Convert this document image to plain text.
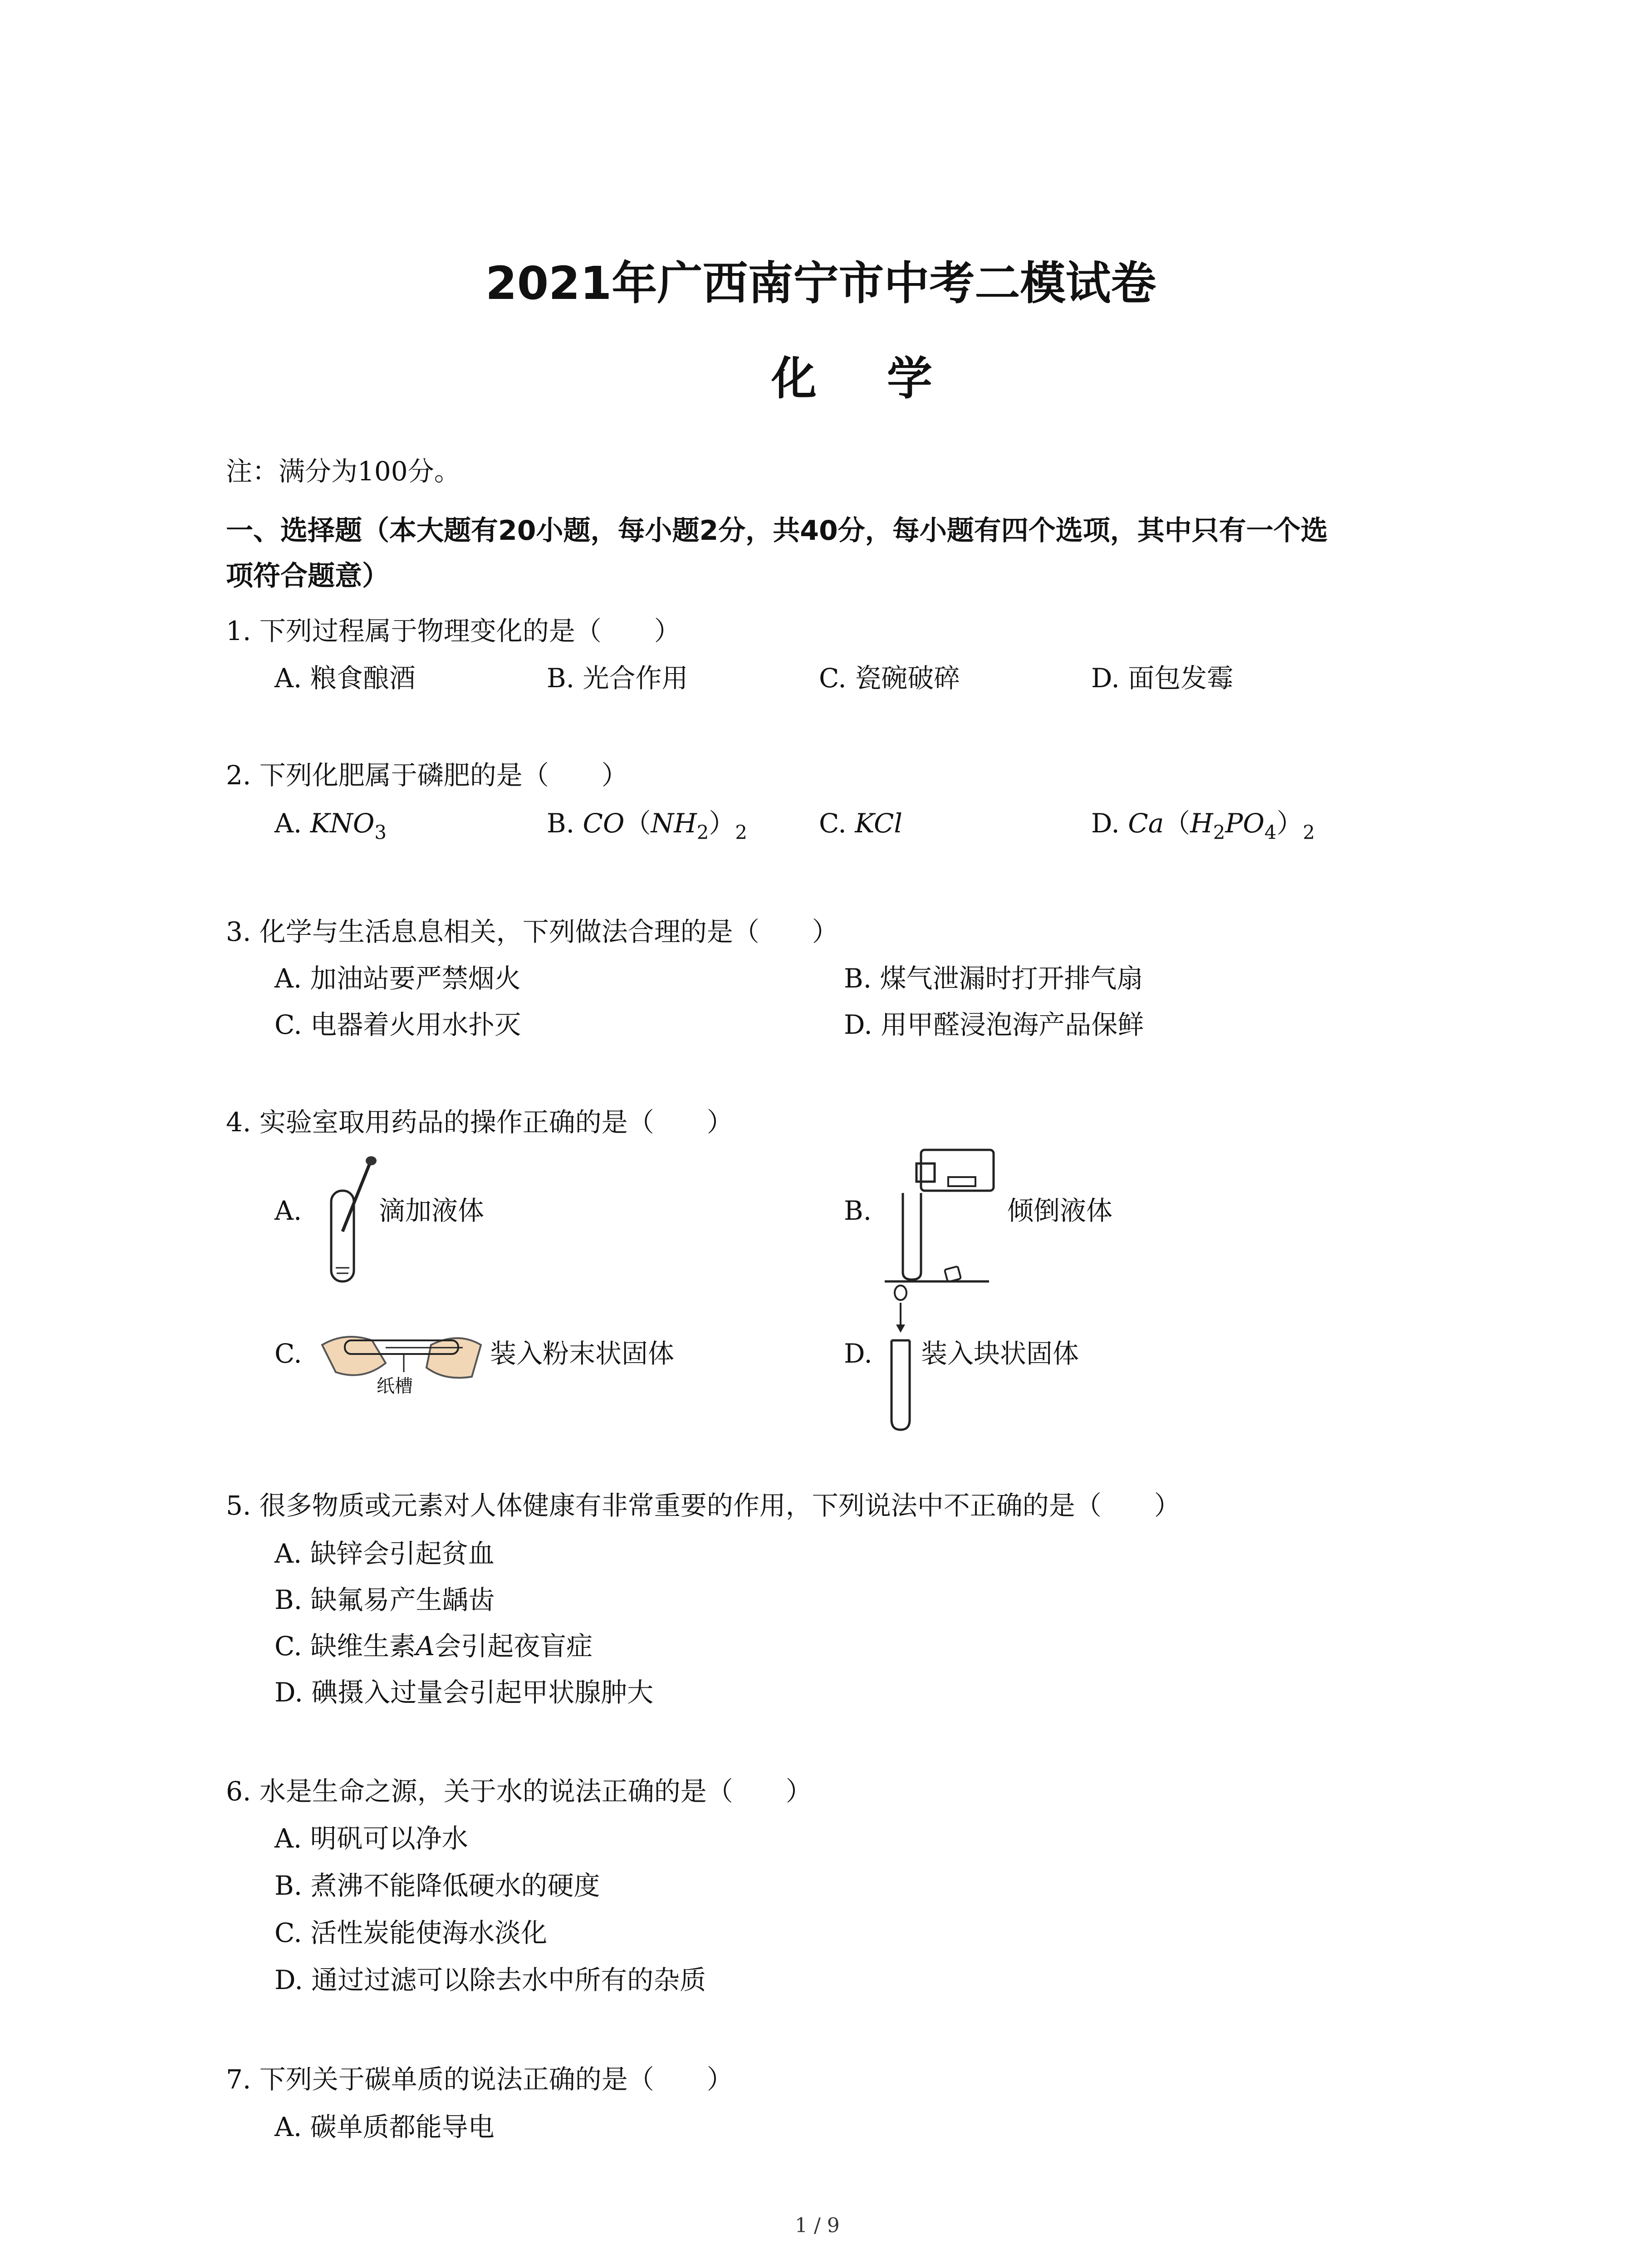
2021年广西南宁市中考二模试卷
化 学
注：满分为100分。
一、选择题（本大题有20小题，每小题2分，共40分，每小题有四个选项，其中只有一个选
项符合题意）
1. 下列过程属于物理变化的是（　　）
A. 粮食酿酒	B. 光合作用	C. 瓷碗破碎	D. 面包发霉
2. 下列化肥属于磷肥的是（　　）
A. $KNO_3$	B. $CO(NH_2)_2$	C. KCl	D. $Ca(H_2PO_4)_2$
3. 化学与生活息息相关，下列做法合理的是（　　）
A. 加油站要严禁烟火	B. 煤气泄漏时打开排气扇
C. 电器着火用水扑灭	D. 用甲醛浸泡海产品保鲜
4. 实验室取用药品的操作正确的是（　　）
A.	滴加液体	B.	倾倒液体
C.
纸槽
装入粉末状固体	D. 装入块状固体
5. 很多物质或元素对人体健康有非常重要的作用，下列说法中不正确的是（　　）
A. 缺锌会引起贫血
B. 缺氟易产生龋齿
C. 缺维生素A会引起夜盲症
D. 碘摄入过量会引起甲状腺肿大
6. 水是生命之源，关于水的说法正确的是（　　）
A. 明矾可以净水
B. 煮沸不能降低硬水的硬度
C. 活性炭能使海水淡化
D. 通过过滤可以除去水中所有的杂质
7. 下列关于碳单质的说法正确的是（　　）
A. 碳单质都能导电
1 / 9
